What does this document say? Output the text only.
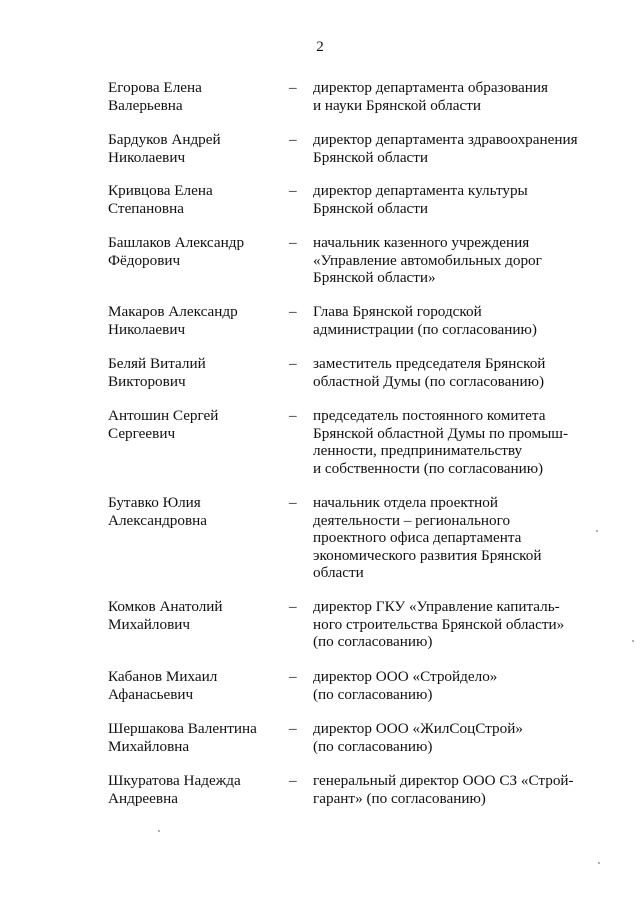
2
Егорова Елена
Валерьевна
– директор департамента образования
и науки Брянской области
Бардуков Андрей
Николаевич
– директор департамента здравоохранения
Брянской области
Кривцова Елена
Степановна
– директор департамента культуры
Брянской области
Башлаков Александр
Фёдорович
– начальник казенного учреждения
«Управление автомобильных дорог
Брянской области»
Макаров Александр
Николаевич
– Глава Брянской городской
администрации (по согласованию)
Беляй Виталий
Викторович
– заместитель председателя Брянской
областной Думы (по согласованию)
Антошин Сергей
Сергеевич
– председатель постоянного комитета
Брянской областной Думы по промыш-
ленности, предпринимательству
и собственности (по согласованию)
Бутавко Юлия
Александровна
– начальник отдела проектной
деятельности – регионального
проектного офиса департамента
экономического развития Брянской
области
Комков Анатолий
Михайлович
– директор ГКУ «Управление капиталь-
ного строительства Брянской области»
(по согласованию)
Кабанов Михаил
Афанасьевич
– директор ООО «Стройдело»
(по согласованию)
Шершакова Валентина
Михайловна
– директор ООО «ЖилСоцСтрой»
(по согласованию)
Шкуратова Надежда
Андреевна
– генеральный директор ООО СЗ «Строй-
гарант» (по согласованию)
